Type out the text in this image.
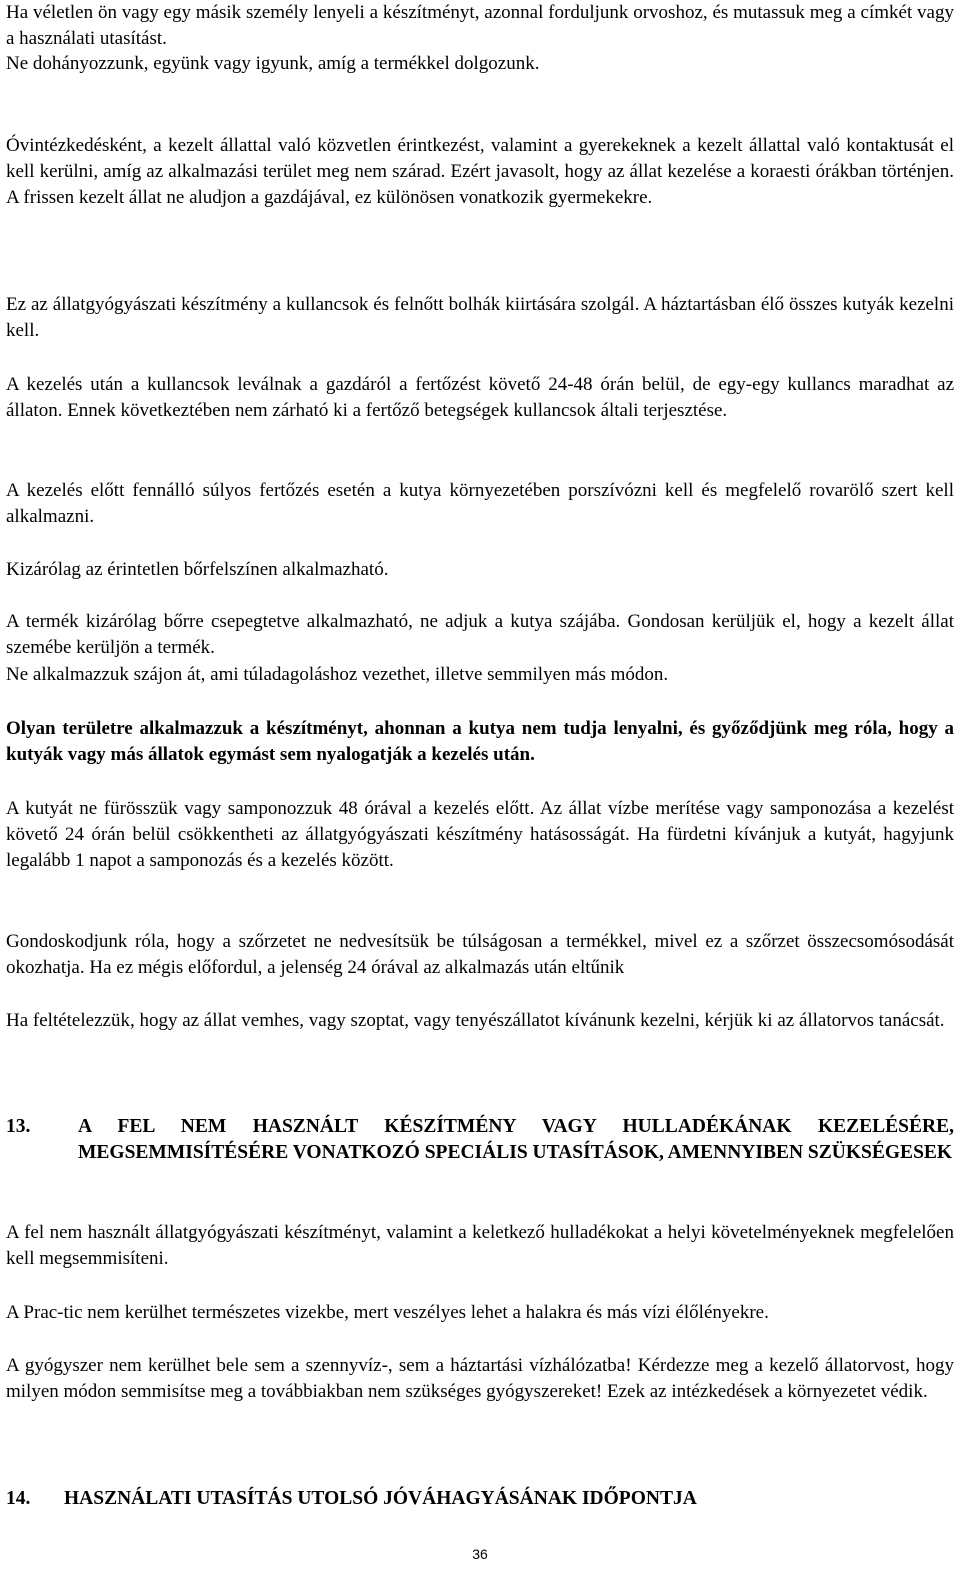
Ha véletlen ön vagy egy másik személy lenyeli a készítményt, azonnal forduljunk orvoshoz, és mutassuk meg a címkét vagy a használati utasítást.

Ne dohányozzunk, együnk vagy igyunk, amíg a termékkel dolgozunk.

Óvintézkedésként, a kezelt állattal való közvetlen érintkezést, valamint a gyerekeknek a kezelt állattal való kontaktusát el kell kerülni, amíg az alkalmazási terület meg nem szárad. Ezért javasolt, hogy az állat kezelése a koraesti órákban történjen. A frissen kezelt állat ne aludjon a gazdájával, ez különösen vonatkozik gyermekekre.

Ez az állatgyógyászati készítmény a kullancsok és felnőtt bolhák kiirtására szolgál. A háztartásban élő összes kutyák kezelni kell.

A kezelés után a kullancsok leválnak a gazdáról a fertőzést követő 24-48 órán belül, de egy-egy kullancs maradhat az állaton. Ennek következtében nem zárható ki a fertőző betegségek kullancsok általi terjesztése.

A kezelés előtt fennálló súlyos fertőzés esetén a kutya környezetében porszívózni kell és megfelelő rovarölő szert kell alkalmazni.

Kizárólag az érintetlen bőrfelszínen alkalmazható.

A termék kizárólag bőrre csepegtetve alkalmazható, ne adjuk a kutya szájába. Gondosan kerüljük el, hogy a kezelt állat szemébe kerüljön a termék.

Ne alkalmazzuk szájon át, ami túladagoláshoz vezethet, illetve semmilyen más módon.

Olyan területre alkalmazzuk a készítményt, ahonnan a kutya nem tudja lenyalni, és győződjünk meg róla, hogy a kutyák vagy más állatok egymást sem nyalogatják a kezelés után.

A kutyát ne fürösszük vagy samponozzuk 48 órával a kezelés előtt. Az állat vízbe merítése vagy samponozása a kezelést követő 24 órán belül csökkentheti az állatgyógyászati készítmény hatásosságát. Ha fürdetni kívánjuk a kutyát, hagyjunk legalább 1 napot a samponozás és a kezelés között.

Gondoskodjunk róla, hogy a szőrzetet ne nedvesítsük be túlságosan a termékkel, mivel ez a szőrzet összecsomósodását okozhatja. Ha ez mégis előfordul, a jelenség 24 órával az alkalmazás után eltűnik

Ha feltételezzük, hogy az állat vemhes, vagy szoptat, vagy tenyészállatot kívánunk kezelni, kérjük ki az állatorvos tanácsát.

13.	A FEL NEM HASZNÁLT KÉSZÍTMÉNY VAGY HULLADÉKÁNAK KEZELÉSÉRE, MEGSEMMISÍTÉSÉRE VONATKOZÓ SPECIÁLIS UTASÍTÁSOK, AMENNYIBEN SZÜKSÉGESEK

A fel nem használt állatgyógyászati készítményt, valamint a keletkező hulladékokat a helyi követelményeknek megfelelően kell megsemmisíteni.

A Prac-tic nem kerülhet természetes vizekbe, mert veszélyes lehet a halakra és más vízi élőlényekre.

A gyógyszer nem kerülhet bele sem a szennyvíz-, sem a háztartási vízhálózatba! Kérdezze meg a kezelő állatorvost, hogy milyen módon semmisítse meg a továbbiakban nem szükséges gyógyszereket! Ezek az intézkedések a környezetet védik.

14.	HASZNÁLATI UTASÍTÁS UTOLSÓ JÓVÁHAGYÁSÁNAK IDŐPONTJA
36
